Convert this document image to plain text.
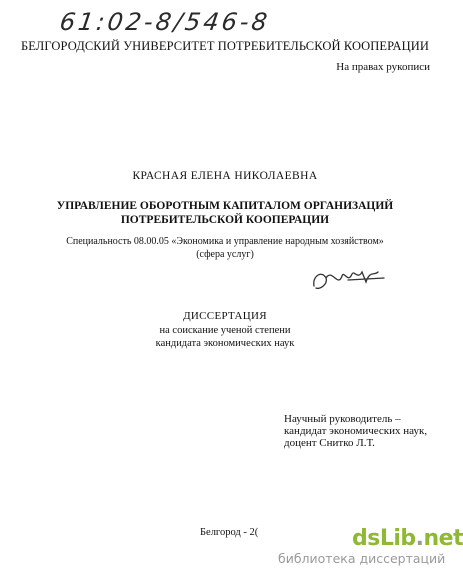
61:02-8/546-8
БЕЛГОРОДСКИЙ УНИВЕРСИТЕТ ПОТРЕБИТЕЛЬСКОЙ КООПЕРАЦИИ
На правах рукописи
КРАСНАЯ ЕЛЕНА НИКОЛАЕВНА
УПРАВЛЕНИЕ ОБОРОТНЫМ КАПИТАЛОМ ОРГАНИЗАЦИЙ
ПОТРЕБИТЕЛЬСКОЙ КООПЕРАЦИИ
Специальность 08.00.05 «Экономика и управление народным хозяйством»
(сфера услуг)
ДИССЕРТАЦИЯ
на соискание ученой степени
кандидата экономических наук
Научный руководитель –
кандидат экономических наук,
доцент Снитко Л.Т.
Белгород - 2(	dsLib.net
библиотека диссертаций
